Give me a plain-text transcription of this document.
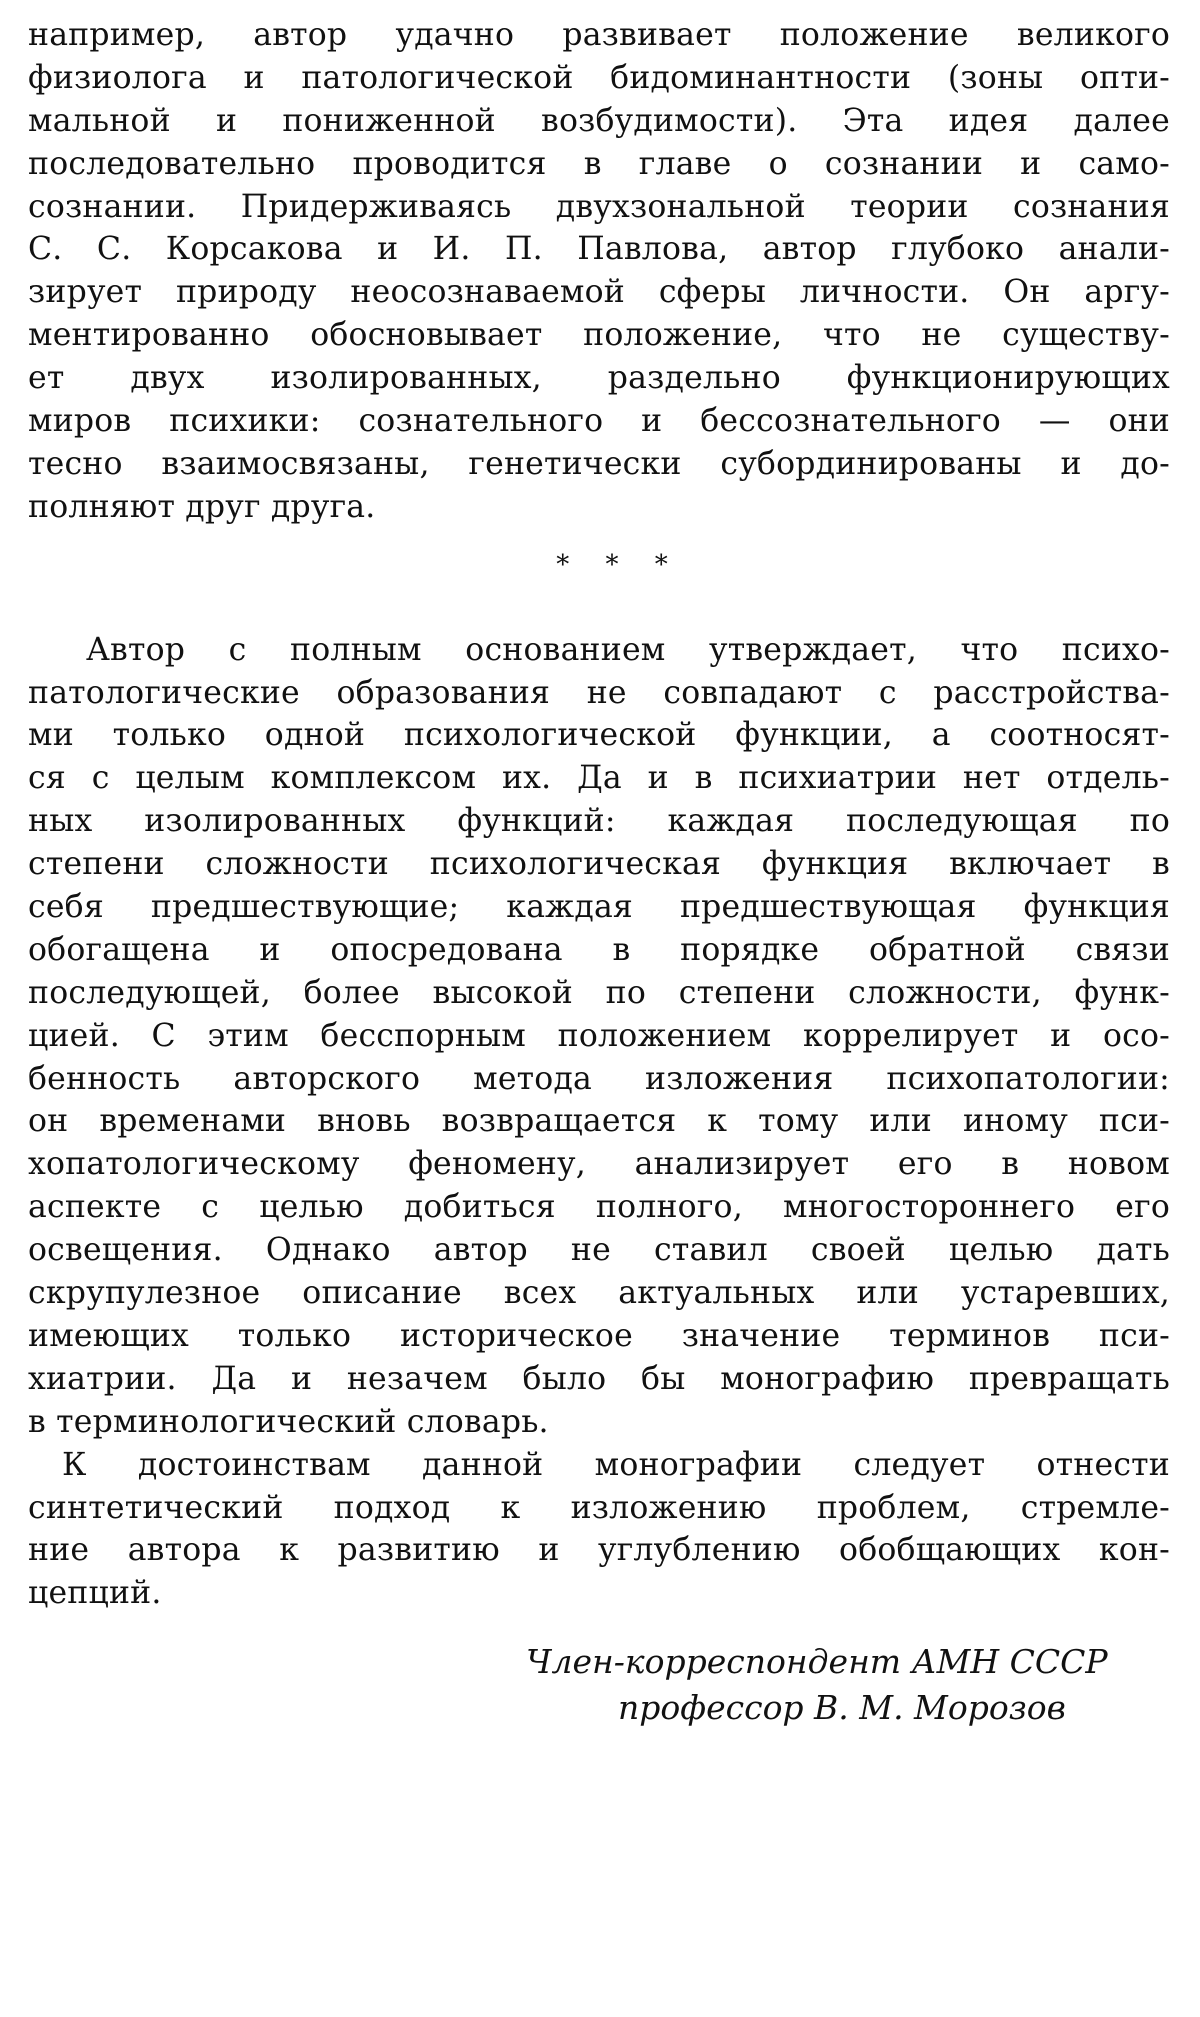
например, автор удачно развивает положение великого
физиолога и патологической бидоминантности (зоны опти-
мальной и пониженной возбудимости). Эта идея далее
последовательно проводится в главе о сознании и само-
сознании. Придерживаясь двухзональной теории сознания
С. С. Корсакова и И. П. Павлова, автор глубоко анали-
зирует природу неосознаваемой сферы личности. Он аргу-
ментированно обосновывает положение, что не существу-
ет двух изолированных, раздельно функционирующих
миров психики: сознательного и бессознательного — они
тесно взаимосвязаны, генетически субординированы и до-
полняют друг друга.
* * *
Автор с полным основанием утверждает, что психо-
патологические образования не совпадают с расстройства-
ми только одной психологической функции, а соотносят-
ся с целым комплексом их. Да и в психиатрии нет отдель-
ных изолированных функций: каждая последующая по
степени сложности психологическая функция включает в
себя предшествующие; каждая предшествующая функция
обогащена и опосредована в порядке обратной связи
последующей, более высокой по степени сложности, функ-
цией. С этим бесспорным положением коррелирует и осо-
бенность авторского метода изложения психопатологии:
он временами вновь возвращается к тому или иному пси-
хопатологическому феномену, анализирует его в новом
аспекте с целью добиться полного, многостороннего его
освещения. Однако автор не ставил своей целью дать
скрупулезное описание всех актуальных или устаревших,
имеющих только историческое значение терминов пси-
хиатрии. Да и незачем было бы монографию превращать
в терминологический словарь.
К достоинствам данной монографии следует отнести
синтетический подход к изложению проблем, стремле-
ние автора к развитию и углублению обобщающих кон-
цепций.
Член-корреспондент АМН СССР
профессор В. М. Морозов
